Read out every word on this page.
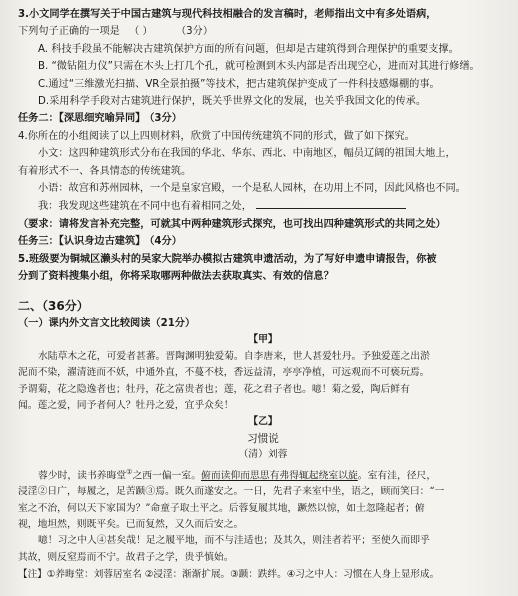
3.小文同学在撰写关于中国古建筑与现代科技相融合的发言稿时，老师指出文中有多处语病，
下列句子正确的一项是 （ ） （3分）
A. 科技手段虽不能解决古建筑保护方面的所有问题，但却是古建筑得到合理保护的重要支撑。
B. “微钻阻力仪”只需在木头上打几个孔，就可检测到木头内部是否出现空心，进而对其进行修缮。
C.通过“三维激光扫描、VR全景拍摄”等技术，把古建筑保护变成了一件科技感爆棚的事。
D.采用科学手段对古建筑进行保护，既关乎世界文化的发展，也关乎我国文化的传承。
任务二：【深思细究喻异同】 （3分）
4.你所在的小组阅读了以上四则材料，欣赏了中国传统建筑不同的形式，做了如下探究。
小文：这四种建筑形式分布在我国的华北、华东、西北、中南地区，幅员辽阔的祖国大地上，
有着形式不一、各具情态的传统建筑。
小语：故宫和苏州园林，一个是皇家宫殿，一个是私人园林，在功用上不同，因此风格也不同。
我：我发现这些建筑在不同中也有着相同之处，
（要求：请将发言补充完整，可就其中两种建筑形式探究，也可找出四种建筑形式的共同之处）
任务三：【认识身边古建筑】 （4分）
5.班级要为铜城区濑头村的吴家大院举办模拟古建筑申遗活动，为了写好申遗申请报告，你被
分到了资料搜集小组，你将采取哪两种做法去获取真实、有效的信息？
二、（36分）
（一）课内外文言文比较阅读（21分）
【甲】
水陆草木之花，可爱者甚蕃。晋陶渊明独爱菊。自李唐来，世人甚爱牡丹。予独爱莲之出淤
泥而不染，濯清涟而不妖，中通外直，不蔓不枝，香远益清，亭亭净植，可远观而不可亵玩焉。
予谓菊，花之隐逸者也；牡丹，花之富贵者也；莲，花之君子者也。噫！菊之爱，陶后鲜有
闻。莲之爱，同予者何人？牡丹之爱，宜乎众矣！
【乙】
习惯说
（清）刘蓉
蓉少时，读书养晦堂①之西一偏一室。俯而读仰而思思有弗得辄起绕室以旋。室有洼，径尺，
浸淫②日广，每履之，足苦踬③焉。既久而遂安之。一日，先君子来室中坐，语之，顾而笑曰：“一
室之不治，何以天下家国为？”命童子取土平之。后蓉复履其地，蹶然以惊，如土忽隆起者；俯
视，地坦然，则既平矣。已而复然，又久而后安之。
噫！习之中人④甚矣哉！足之履平地，而不与洼适也；及其久，则洼者若平；至使久而即乎
其故，则反窒焉而不宁。故君子之学，贵乎慎始。
【注】①养晦堂：刘蓉居室名 ②浸淫：渐渐扩展。③踬：跌绊。④习之中人：习惯在人身上显形成。
